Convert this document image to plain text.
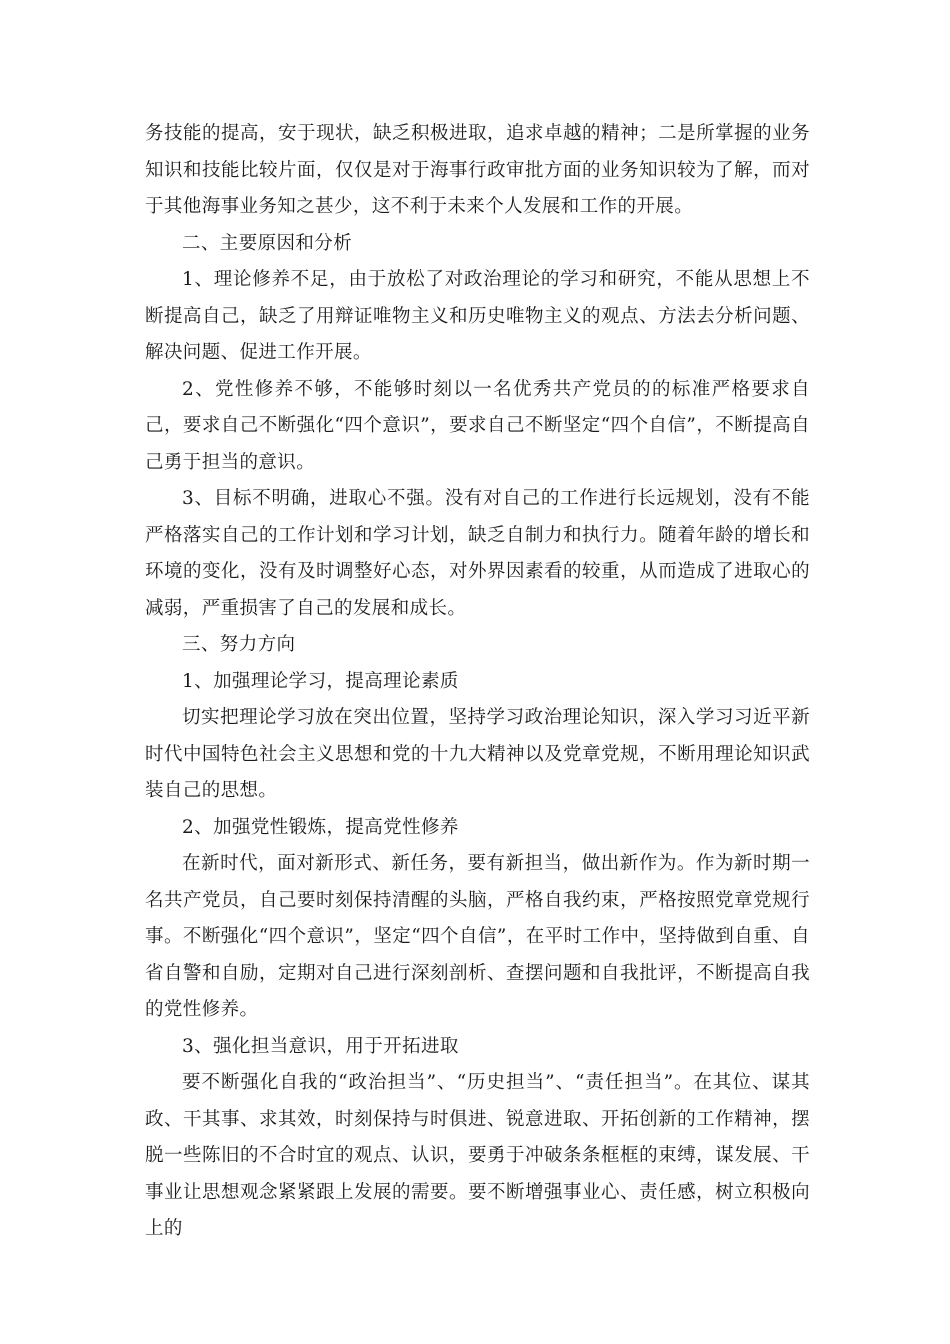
务技能的提高，安于现状，缺乏积极进取，追求卓越的精神；二是所掌握的业务知识和技能比较片面，仅仅是对于海事行政审批方面的业务知识较为了解，而对于其他海事业务知之甚少，这不利于未来个人发展和工作的开展。

二、主要原因和分析

1、理论修养不足，由于放松了对政治理论的学习和研究，不能从思想上不断提高自己，缺乏了用辩证唯物主义和历史唯物主义的观点、方法去分析问题、解决问题、促进工作开展。

2、党性修养不够，不能够时刻以一名优秀共产党员的的标准严格要求自己，要求自己不断强化“四个意识”，要求自己不断坚定“四个自信”，不断提高自己勇于担当的意识。

3、目标不明确，进取心不强。没有对自己的工作进行长远规划，没有不能严格落实自己的工作计划和学习计划，缺乏自制力和执行力。随着年龄的增长和环境的变化，没有及时调整好心态，对外界因素看的较重，从而造成了进取心的减弱，严重损害了自己的发展和成长。

三、努力方向

1、加强理论学习，提高理论素质

切实把理论学习放在突出位置，坚持学习政治理论知识，深入学习习近平新时代中国特色社会主义思想和党的十九大精神以及党章党规，不断用理论知识武装自己的思想。

2、加强党性锻炼，提高党性修养

在新时代，面对新形式、新任务，要有新担当，做出新作为。作为新时期一名共产党员，自己要时刻保持清醒的头脑，严格自我约束，严格按照党章党规行事。不断强化“四个意识”，坚定“四个自信”，在平时工作中，坚持做到自重、自省自警和自励，定期对自己进行深刻剖析、查摆问题和自我批评，不断提高自我的党性修养。

3、强化担当意识，用于开拓进取

要不断强化自我的“政治担当”、“历史担当”、“责任担当”。在其位、谋其政、干其事、求其效，时刻保持与时俱进、锐意进取、开拓创新的工作精神，摆脱一些陈旧的不合时宜的观点、认识，要勇于冲破条条框框的束缚，谋发展、干事业让思想观念紧紧跟上发展的需要。要不断增强事业心、责任感，树立积极向上的
